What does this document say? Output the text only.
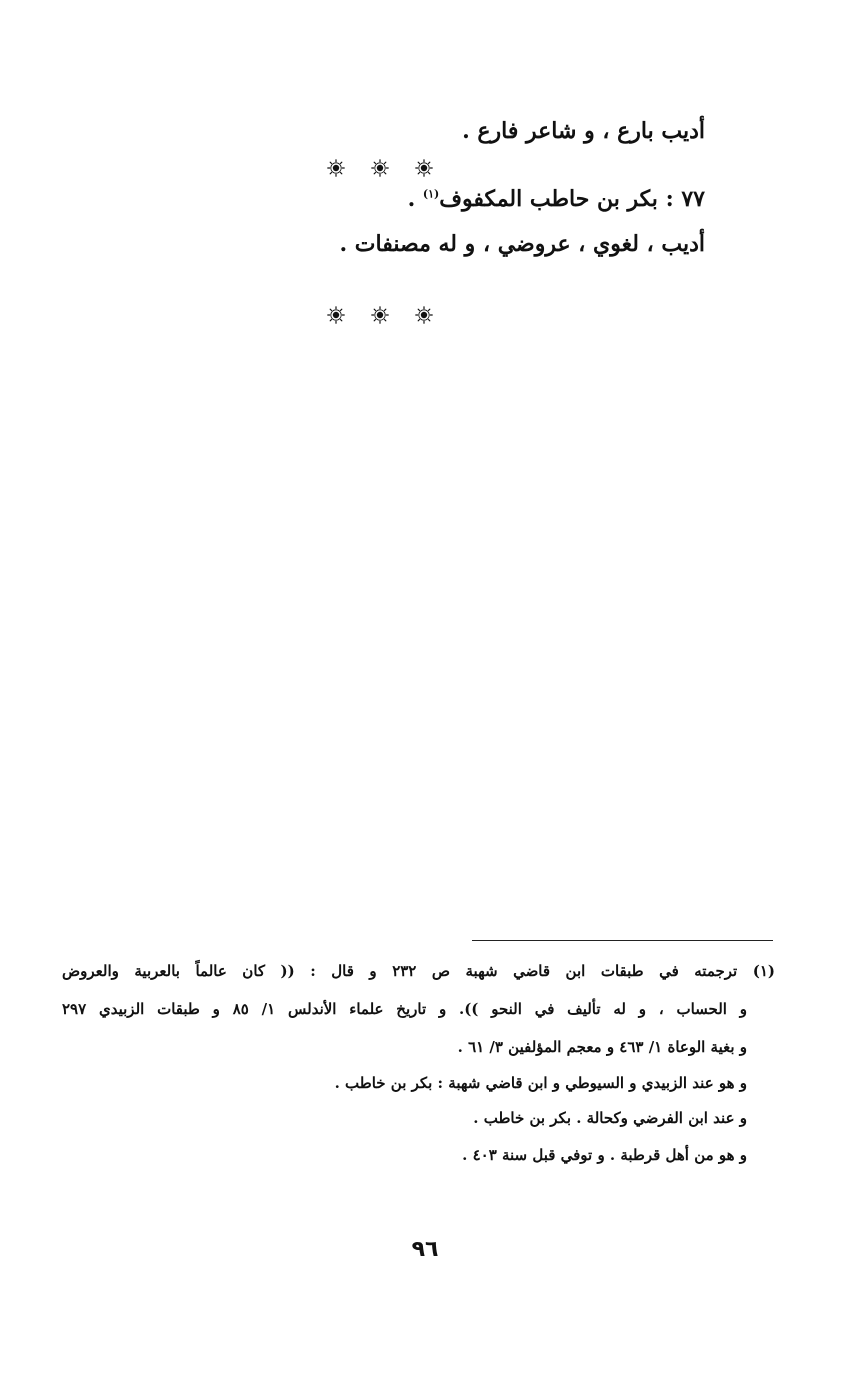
أديب بارع ، و شاعر فارع .
٧٧ : بكر بن حاطب المكفوف$^{(١)}$ .
أديب ، لغوي ، عروضي ، و له مصنفات .
(١) ترجمته في طبقات ابن قاضي شهبة ص ٢٣٢ و قال : (( كان عالماً بالعربية والعروض
و الحساب ، و له تأليف في النحو )). و تاريخ علماء الأندلس ١/ ٨٥ و طبقات الزبيدي ٢٩٧
و بغية الوعاة ١/ ٤٦٣ و معجم المؤلفين ٣/ ٦١ .
و هو عند الزبيدي و السيوطي و ابن قاضي شهبة : بكر بن خاطب .
و عند ابن الفرضي وكحالة . بكر بن خاطب .
و هو من أهل قرطبة . و توفي قبل سنة ٤٠٣ .
٩٦
